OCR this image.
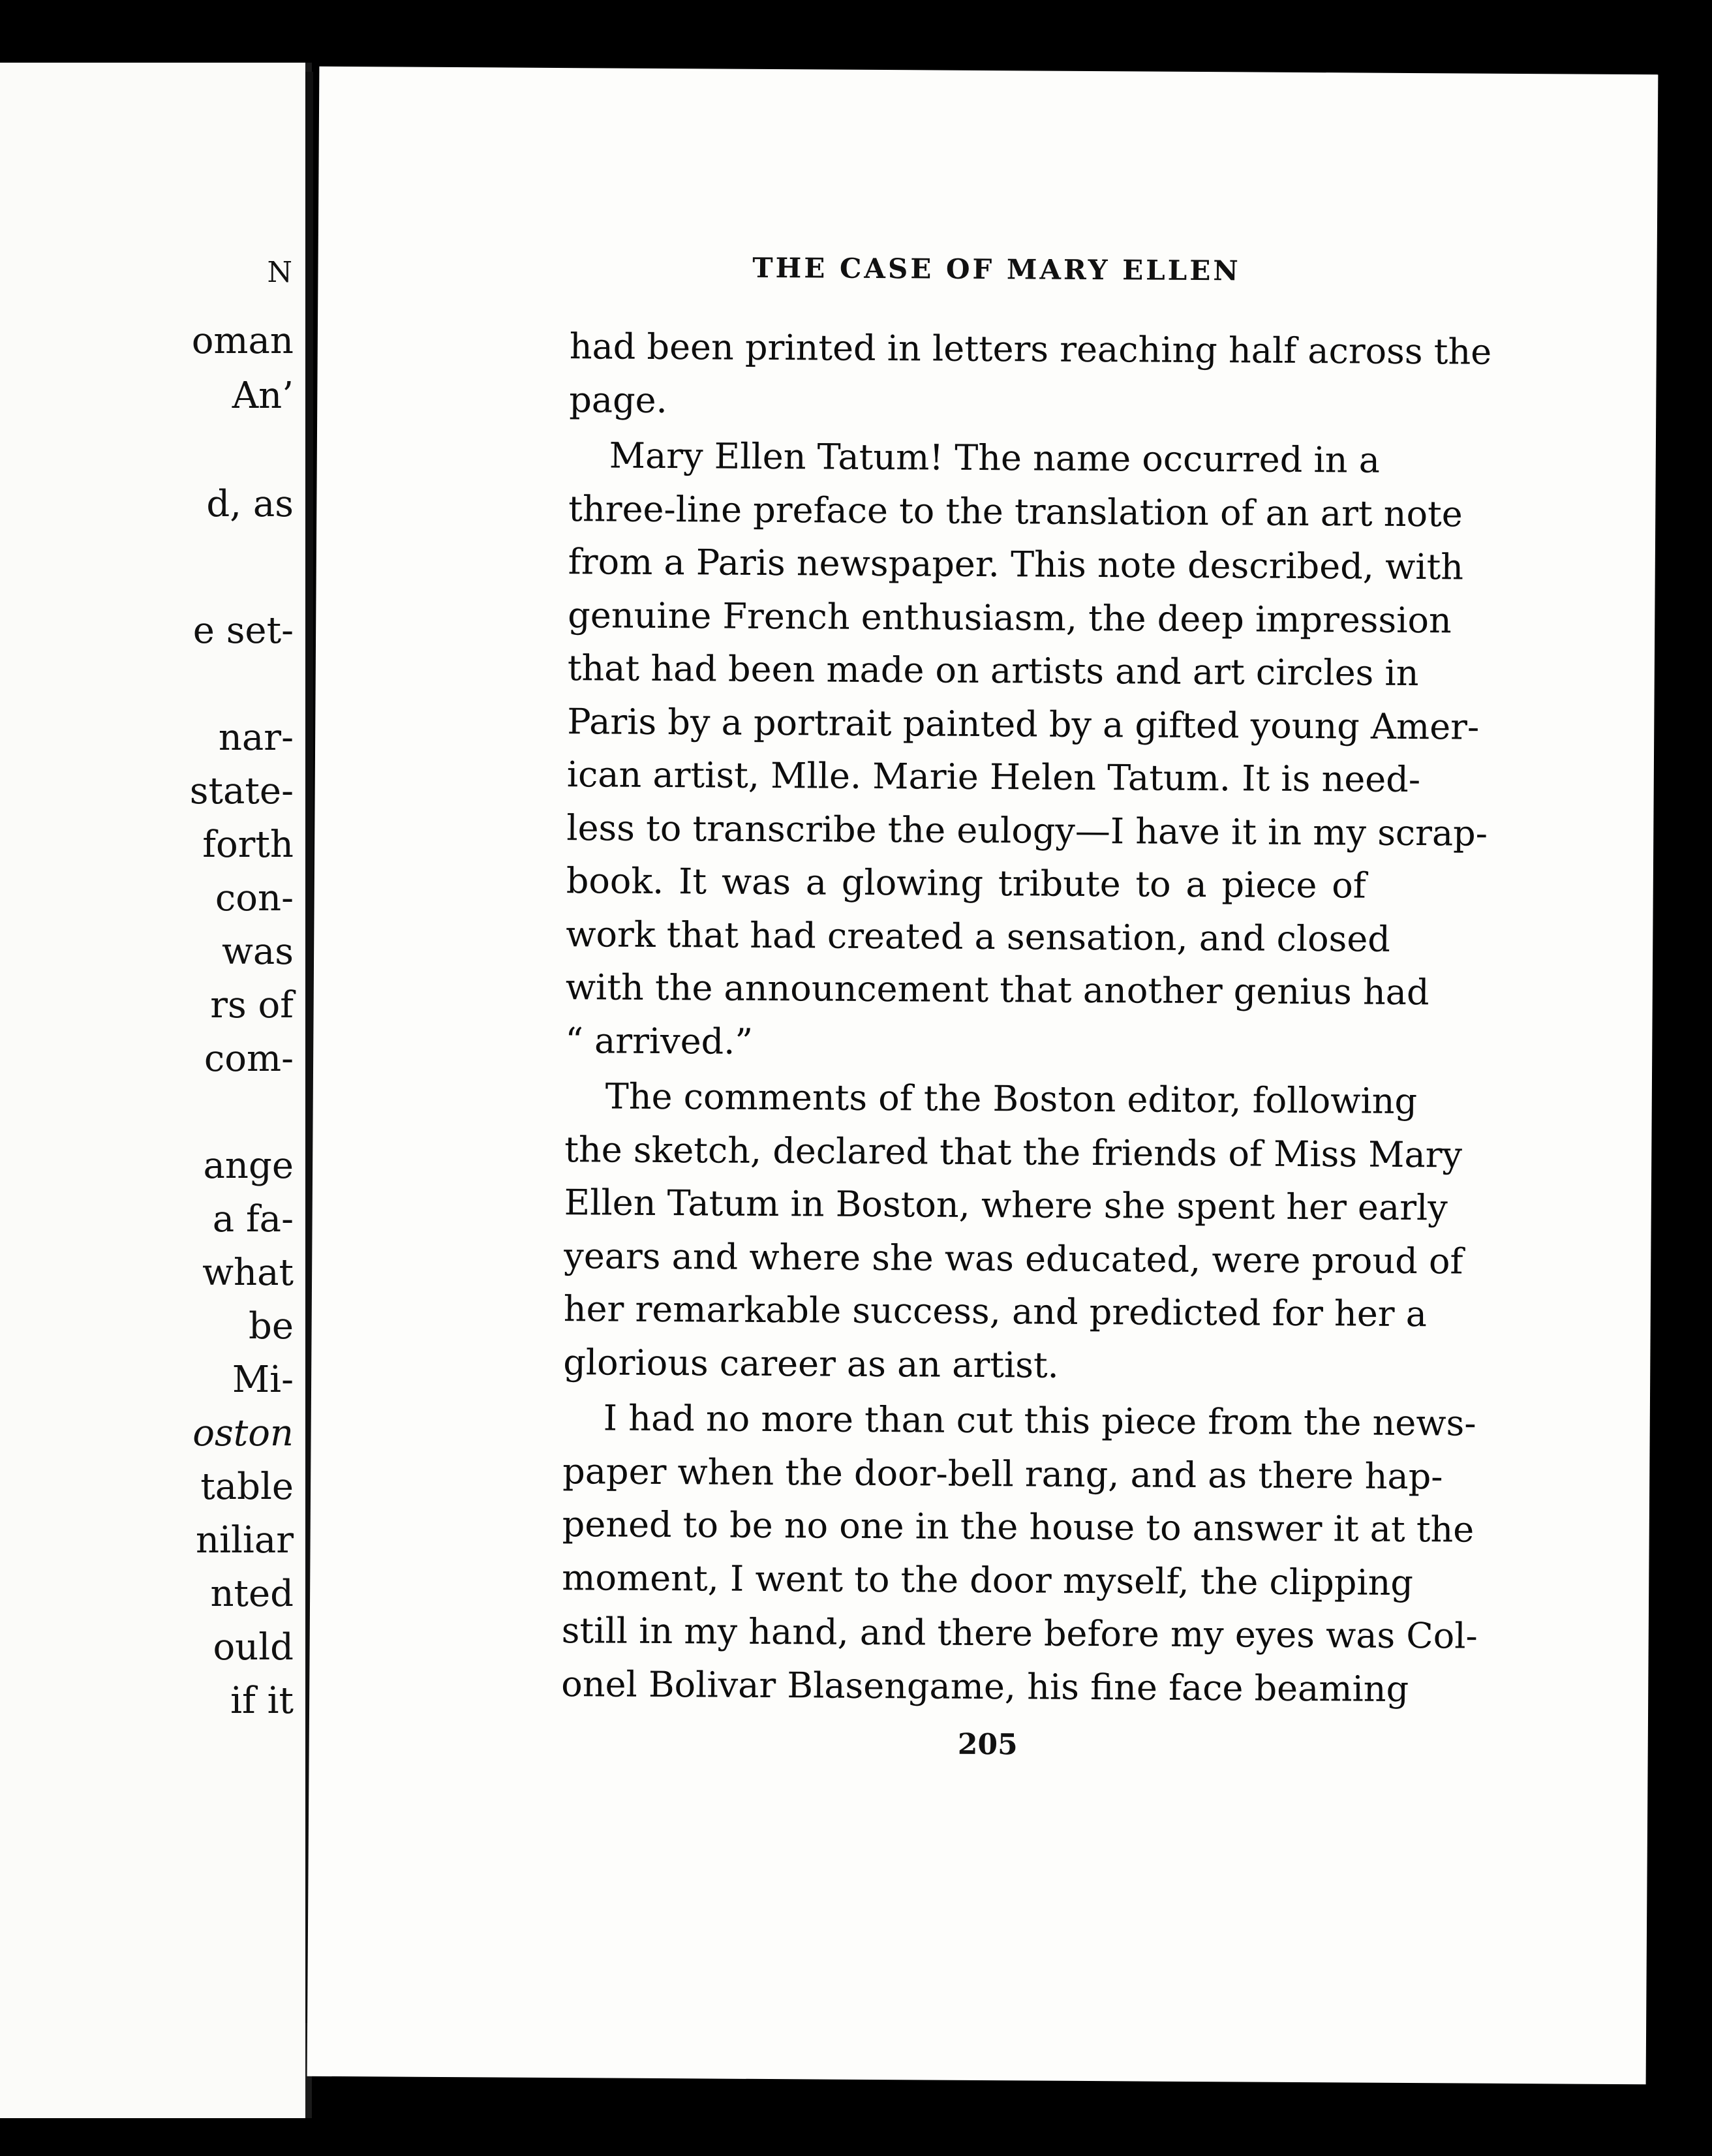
N
oman
An’
d, as
e set-
nar-
state-
forth
con-
was
rs of
com-
ange
a fa-
what
be
Mi-
oston
table
niliar
nted
ould
if it
THE CASE OF MARY ELLEN
had been printed in letters reaching half across the
page.
Mary Ellen Tatum! The name occurred in a
three-line preface to the translation of an art note
from a Paris newspaper. This note described, with
genuine French enthusiasm, the deep impression
that had been made on artists and art circles in
Paris by a portrait painted by a gifted young Amer-
ican artist, Mlle. Marie Helen Tatum. It is need-
less to transcribe the eulogy—I have it in my scrap-
book. It was a glowing tribute to a piece of
work that had created a sensation, and closed
with the announcement that another genius had
“ arrived.”
The comments of the Boston editor, following
the sketch, declared that the friends of Miss Mary
Ellen Tatum in Boston, where she spent her early
years and where she was educated, were proud of
her remarkable success, and predicted for her a
glorious career as an artist.
I had no more than cut this piece from the news-
paper when the door-bell rang, and as there hap-
pened to be no one in the house to answer it at the
moment, I went to the door myself, the clipping
still in my hand, and there before my eyes was Col-
onel Bolivar Blasengame, his fine face beaming
205
